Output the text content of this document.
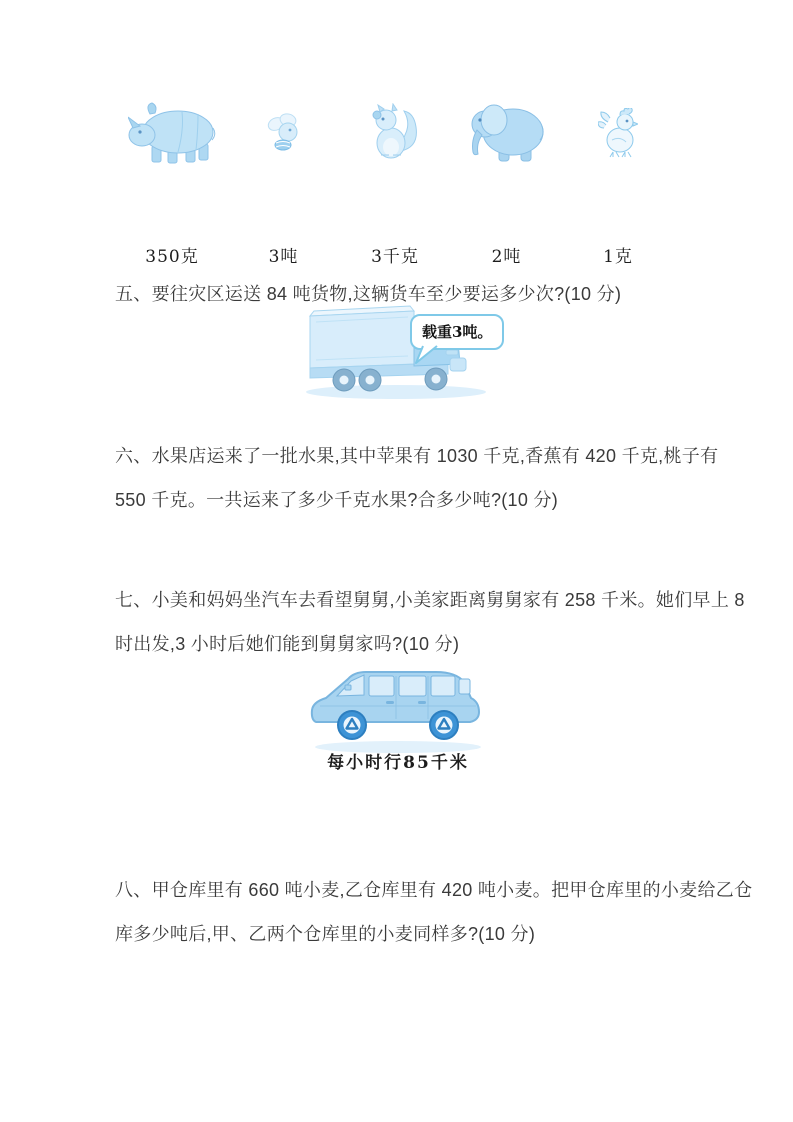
350克	3吨	3千克	2吨	1克
五、要往灾区运送 84 吨货物,这辆货车至少要运多少次?(10 分)
载重3吨。
六、水果店运来了一批水果,其中苹果有 1030 千克,香蕉有 420 千克,桃子有
550 千克。一共运来了多少千克水果?合多少吨?(10 分)
七、小美和妈妈坐汽车去看望舅舅,小美家距离舅舅家有 258 千米。她们早上 8
时出发,3 小时后她们能到舅舅家吗?(10 分)
每小时行85千米
八、甲仓库里有 660 吨小麦,乙仓库里有 420 吨小麦。把甲仓库里的小麦给乙仓
库多少吨后,甲、乙两个仓库里的小麦同样多?(10 分)
